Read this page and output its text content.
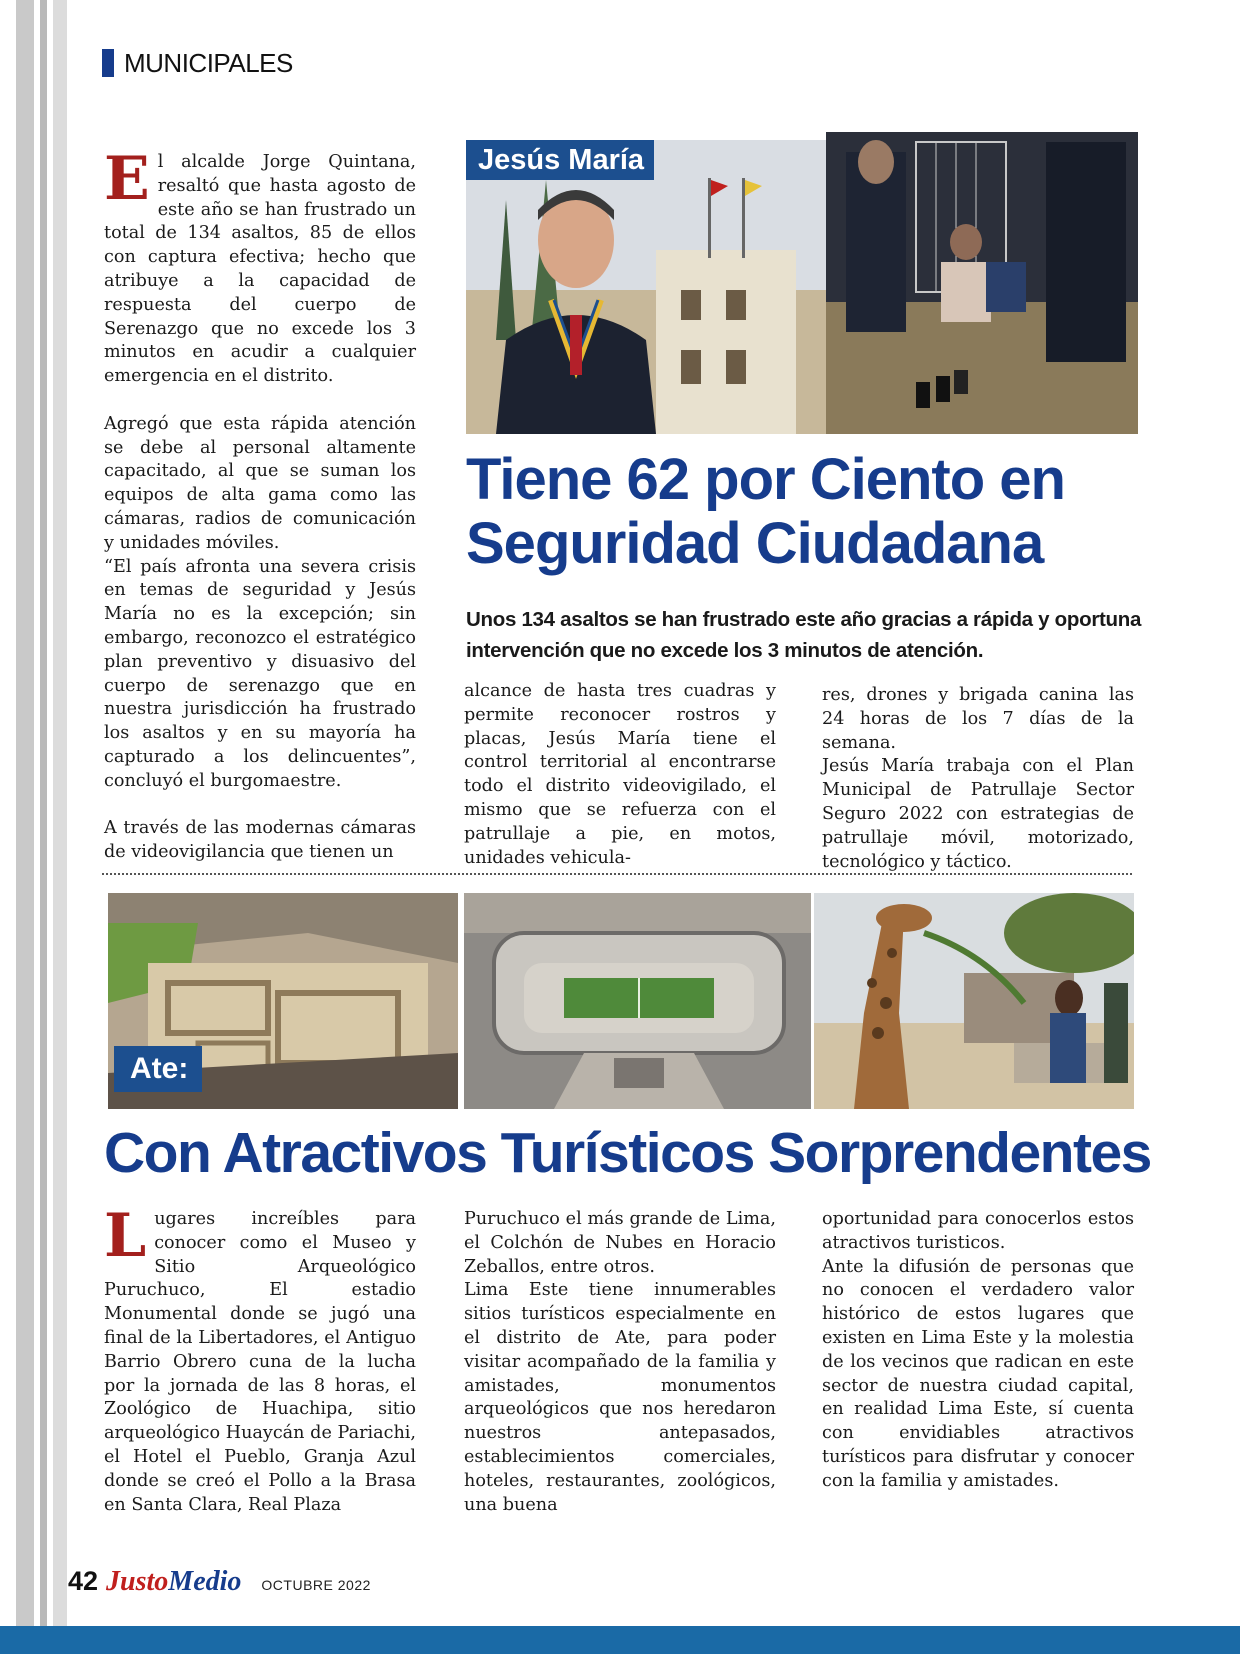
MUNICIPALES

El alcalde Jorge Quintana, resaltó que hasta agosto de este año se han frustrado un total de 134 asaltos, 85 de ellos con captura efectiva; hecho que atribuye a la capacidad de respuesta del cuerpo de Serenazgo que no excede los 3 minutos en acudir a cualquier emergencia en el distrito.

Agregó que esta rápida atención se debe al personal altamente capacitado, al que se suman los equipos de alta gama como las cámaras, radios de comunicación y unidades móviles.

“El país afronta una severa crisis en temas de seguridad y Jesús María no es la excepción; sin embargo, reconozco el estratégico plan preventivo y disuasivo del cuerpo de serenazgo que en nuestra jurisdicción ha frustrado los asaltos y en su mayoría ha capturado a los delincuentes”, concluyó el burgomaestre.

A través de las modernas cámaras de videovigilancia que tienen un

Jesús María
Tiene 62 por Ciento en
Seguridad Ciudadana
Unos 134 asaltos se han frustrado este año gracias a rápida y oportuna
intervención que no excede los 3 minutos de atención.

alcance de hasta tres cuadras y permite reconocer rostros y placas, Jesús María tiene el control territorial al encontrarse todo el distrito videovigilado, el mismo que se refuerza con el patrullaje a pie, en motos, unidades vehicula-

res, drones y brigada canina las 24 horas de los 7 días de la semana.

Jesús María trabaja con el Plan Municipal de Patrullaje Sector Seguro 2022 con estrategias de patrullaje móvil, motorizado, tecnológico y táctico.

Ate:
Con Atractivos Turísticos Sorprendentes

Lugares increíbles para conocer como el Museo y Sitio Arqueológico Puruchuco, El estadio Monumental donde se jugó una final de la Libertadores, el Antiguo Barrio Obrero cuna de la lucha por la jornada de las 8 horas, el Zoológico de Huachipa, sitio arqueológico Huaycán de Pariachi, el Hotel el Pueblo, Granja Azul donde se creó el Pollo a la Brasa en Santa Clara, Real Plaza

Puruchuco el más grande de Lima, el Colchón de Nubes en Horacio Zeballos, entre otros.

Lima Este tiene innumerables sitios turísticos especialmente en el distrito de Ate, para poder visitar acompañado de la familia y amistades, monumentos arqueológicos que nos heredaron nuestros antepasados, establecimientos comerciales, hoteles, restaurantes, zoológicos, una buena

oportunidad para conocerlos estos atractivos turisticos.

Ante la difusión de personas que no conocen el verdadero valor histórico de estos lugares que existen en Lima Este y la molestia de los vecinos que radican en este sector de nuestra ciudad capital, en realidad Lima Este, sí cuenta con envidiables atractivos turísticos para disfrutar y conocer con la familia y amistades.

42 Justo Medio OCTUBRE 2022
